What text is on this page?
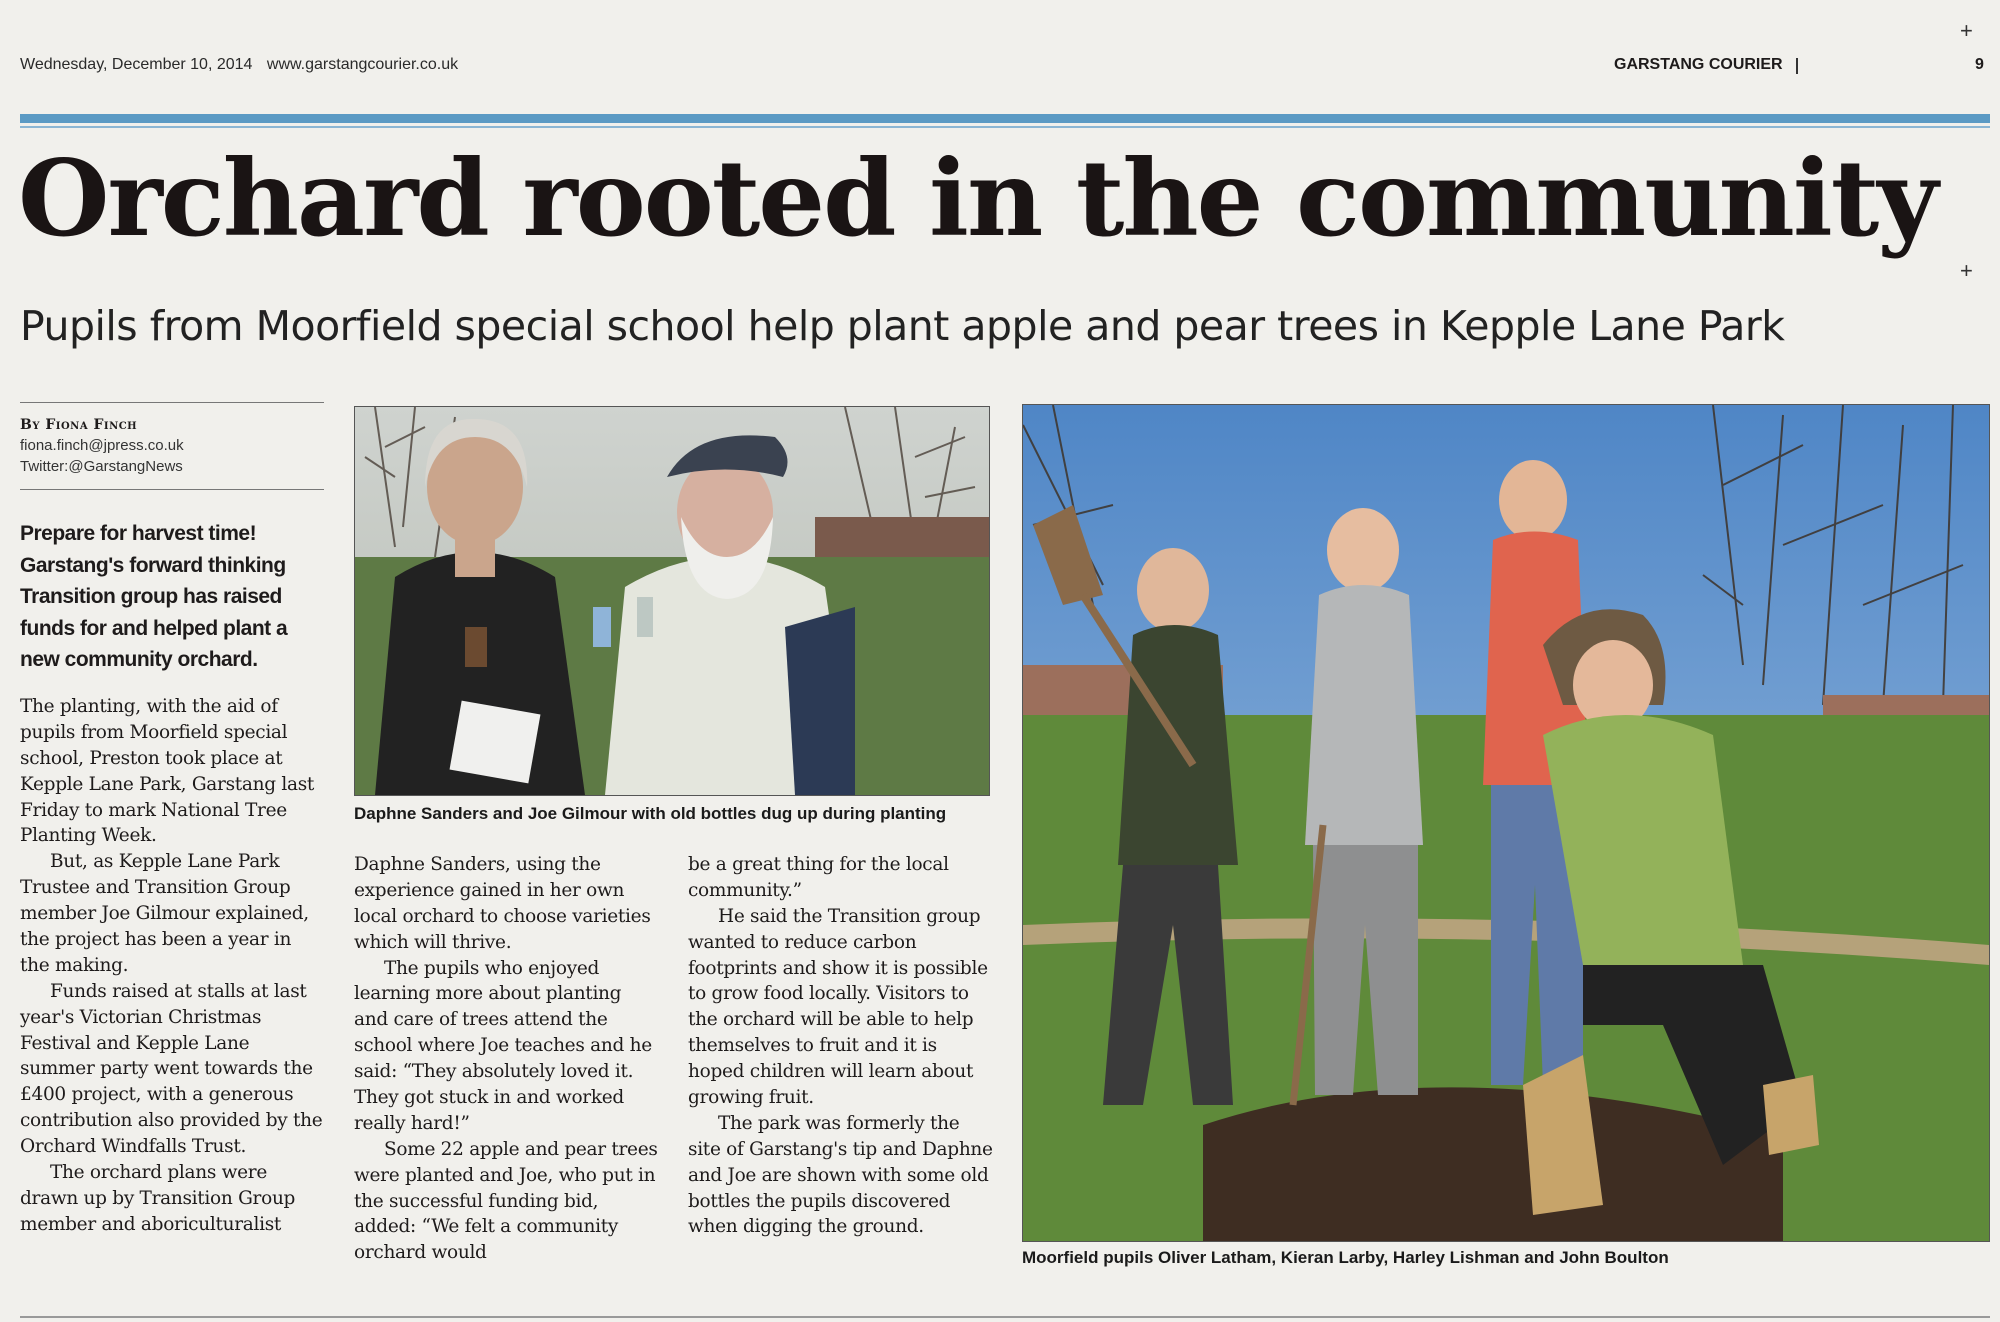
Wednesday, December 10, 2014 www.garstangcourier.co.uk	GARSTANG COURIER	9
+
+
Orchard rooted in the community
Pupils from Moorfield special school help plant apple and pear trees in Kepple Lane Park
By Fiona Finch
fiona.finch@jpress.co.uk
Twitter:@GarstangNews
Prepare for harvest time! Garstang's forward thinking Transition group has raised funds for and helped plant a new community orchard.

The planting, with the aid of pupils from Moorfield special school, Preston took place at Kepple Lane Park, Garstang last Friday to mark National Tree Planting Week.

But, as Kepple Lane Park Trustee and Transition Group member Joe Gilmour explained, the project has been a year in the making.

Funds raised at stalls at last year's Victorian Christmas Festival and Kepple Lane summer party went towards the £400 project, with a generous contribution also provided by the Orchard Windfalls Trust.

The orchard plans were drawn up by Transition Group member and aboriculturalist

Daphne Sanders, using the experience gained in her own local orchard to choose varieties which will thrive.

The pupils who enjoyed learning more about planting and care of trees attend the school where Joe teaches and he said: “They absolutely loved it. They got stuck in and worked really hard!”

Some 22 apple and pear trees were planted and Joe, who put in the successful funding bid, added: “We felt a community orchard would

be a great thing for the local community.”

He said the Transition group wanted to reduce carbon footprints and show it is possible to grow food locally. Visitors to the orchard will be able to help themselves to fruit and it is hoped children will learn about growing fruit.

The park was formerly the site of Garstang's tip and Daphne and Joe are shown with some old bottles the pupils discovered when digging the ground.

Daphne Sanders and Joe Gilmour with old bottles dug up during planting
Moorfield pupils Oliver Latham, Kieran Larby, Harley Lishman and John Boulton
